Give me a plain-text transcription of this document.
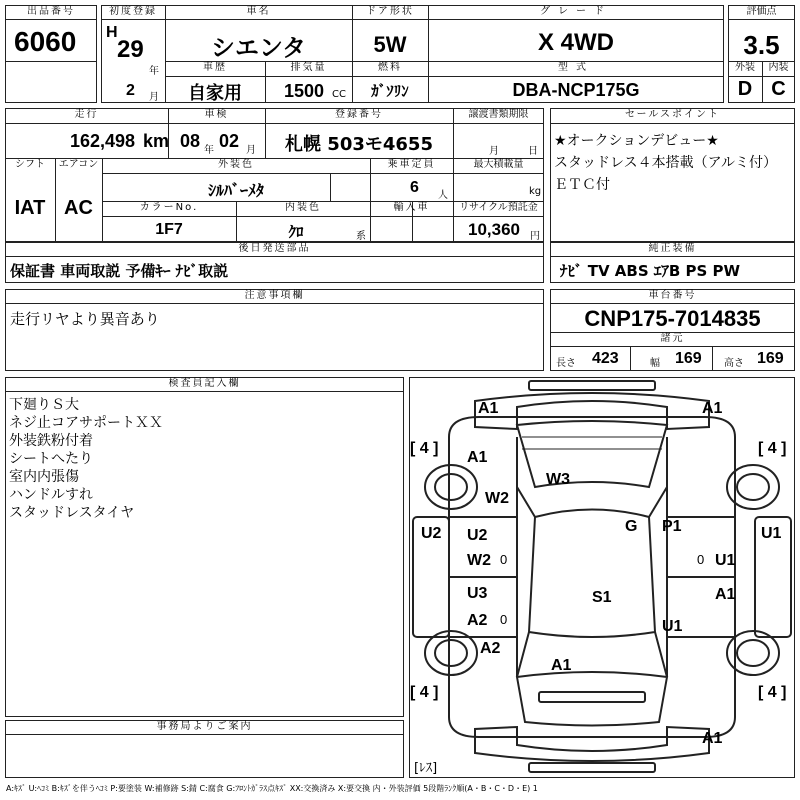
出品番号
6060
初度登録
H
29
年
2 月
車名
シエンタ
車歴
自家用
排気量
1500 CC
ドア形状
5W
燃料
ｶﾞｿﾘﾝ
グレード
X 4WD
型式
DBA-NCP175G
評価点
3.5
外装	内装
D C
走行
162,498 km
車検
08 年 02 月
登録番号
札幌 503モ4655
譲渡書類期限
月	日
シフト
IAT
エアコン
AC
外装色
ｼﾙﾊﾞｰﾒﾀ
乗車定員
6 人
最大積載量
kg
カラーNo.
1F7
内装色
ｸﾛ	系
輸入車	リサイクル預託金
10,360 円
セールスポイント
★オークションデビュー★
スタッドレス４本搭載（アルミ付）
ＥＴＣ付
後日発送部品
保証書 車両取説 予備ｷｰ ﾅﾋﾞ取説
純正装備
ﾅﾋﾞ TV ABS ｴｱB PS PW
注意事項欄
走行リヤより異音あり
車台番号
CNP175-7014835
諸元
長さ 423	幅 169 高さ 169
検査員記入欄
下廻りＳ大
ネジ止コアサポートＸＸ
外装鉄粉付着
シートへたり
室内内張傷
ハンドルすれ
スタッドレスタイヤ
事務局よりご案内
A1	A1
[ 4 ]	[ 4 ]
A1
W3
W2
U2 U2
G P1	U1
W2 0	0 U1
U3	S1	A1
A2 0	U1
A2
A1
[ 4 ]	[ 4 ]
A1
[ﾚｽ]
A:ｷｽﾞ U:ﾍｺﾐ B:ｷｽﾞを伴うﾍｺﾐ P:要塗装 W:補修跡 S:錆 C:腐食 G:ﾌﾛﾝﾄｶﾞﾗｽ点ｷｽﾞ XX:交換済み X:要交換 内・外装評価 5段階ﾗﾝｸ順(A・B・C・D・E) 1
